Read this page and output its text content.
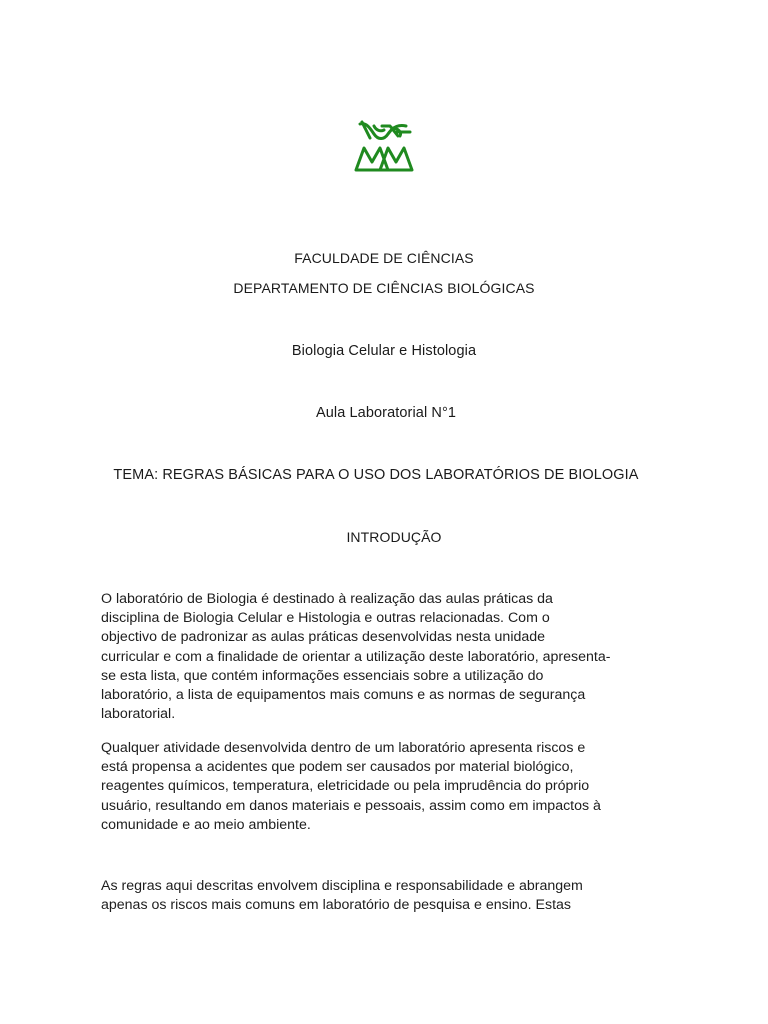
FACULDADE DE CIÊNCIAS
DEPARTAMENTO DE CIÊNCIAS BIOLÓGICAS
Biologia Celular e Histologia
Aula Laboratorial N°1
TEMA: REGRAS BÁSICAS PARA O USO DOS LABORATÓRIOS DE BIOLOGIA
INTRODUÇÃO
O laboratório de Biologia é destinado à realização das aulas práticas da
disciplina de Biologia Celular e Histologia e outras relacionadas. Com o
objectivo de padronizar as aulas práticas desenvolvidas nesta unidade
curricular e com a finalidade de orientar a utilização deste laboratório, apresenta-
se esta lista, que contém informações essenciais sobre a utilização do
laboratório, a lista de equipamentos mais comuns e as normas de segurança
laboratorial.
Qualquer atividade desenvolvida dentro de um laboratório apresenta riscos e
está propensa a acidentes que podem ser causados por material biológico,
reagentes químicos, temperatura, eletricidade ou pela imprudência do próprio
usuário, resultando em danos materiais e pessoais, assim como em impactos à
comunidade e ao meio ambiente.
As regras aqui descritas envolvem disciplina e responsabilidade e abrangem
apenas os riscos mais comuns em laboratório de pesquisa e ensino. Estas
